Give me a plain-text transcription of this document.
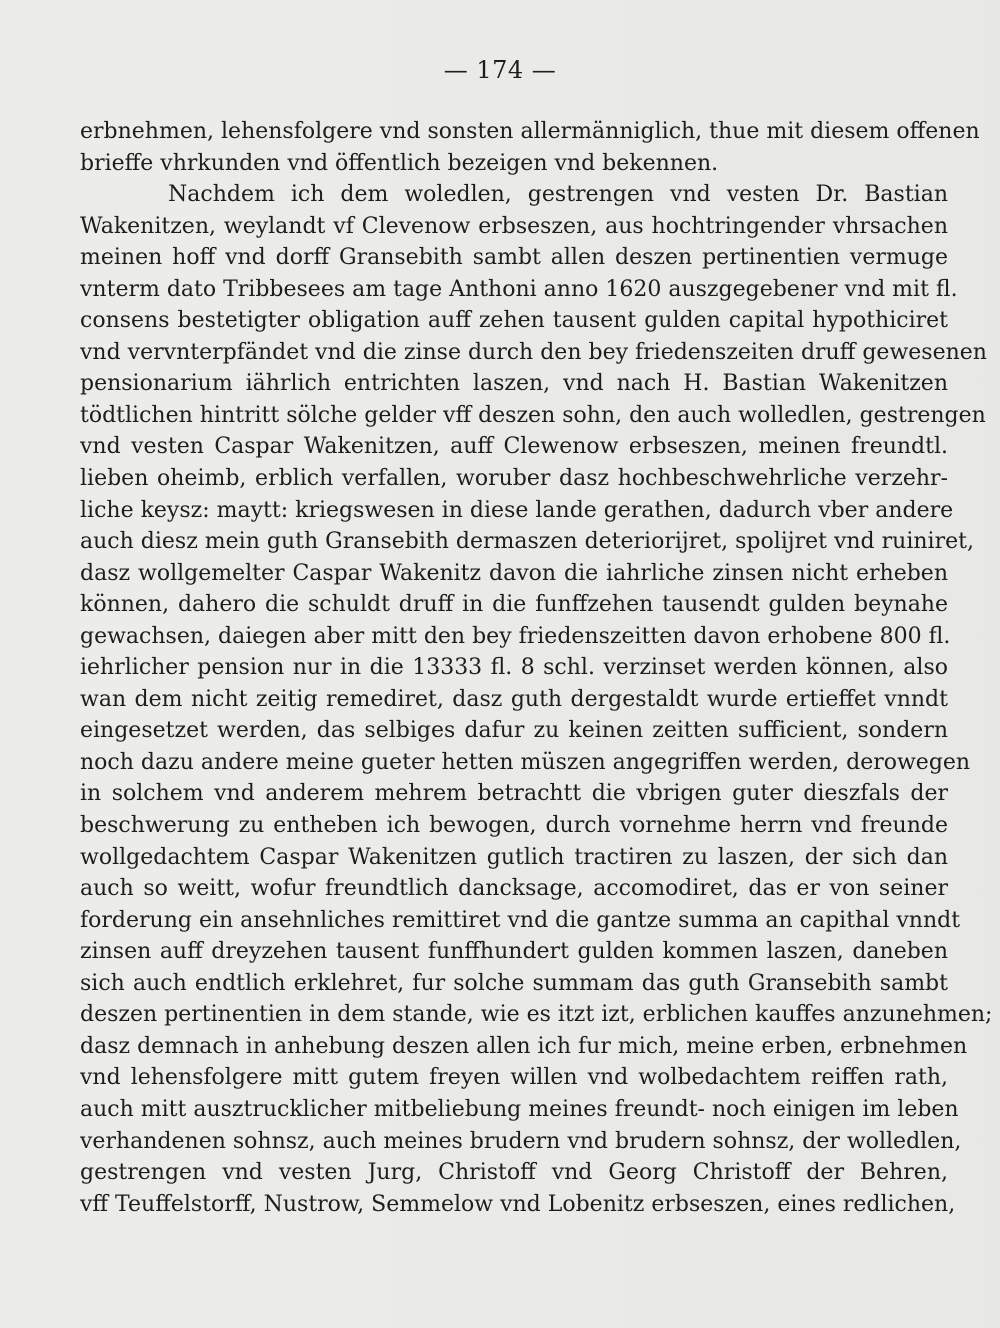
— 174 —
erbnehmen, lehensfolgere vnd sonsten allermänniglich, thue mit diesem offenen
brieffe vhrkunden vnd öffentlich bezeigen vnd bekennen.
Nachdem ich dem woledlen, gestrengen vnd vesten Dr. Bastian
Wakenitzen, weylandt vf Clevenow erbseszen, aus hochtringender vhrsachen
meinen hoff vnd dorff Gransebith sambt allen deszen pertinentien vermuge
vnterm dato Tribbesees am tage Anthoni anno 1620 auszgegebener vnd mit fl.
consens bestetigter obligation auff zehen tausent gulden capital hypothiciret
vnd vervnterpfändet vnd die zinse durch den bey friedenszeiten druff gewesenen
pensionarium iährlich entrichten laszen, vnd nach H. Bastian Wakenitzen
tödtlichen hintritt sölche gelder vff deszen sohn, den auch wolledlen, gestrengen
vnd vesten Caspar Wakenitzen, auff Clewenow erbseszen, meinen freundtl.
lieben oheimb, erblich verfallen, woruber dasz hochbeschwehrliche verzehr-
liche keysz: maytt: kriegswesen in diese lande gerathen, dadurch vber andere
auch diesz mein guth Gransebith dermaszen deteriorijret, spolijret vnd ruiniret,
dasz wollgemelter Caspar Wakenitz davon die iahrliche zinsen nicht erheben
können, dahero die schuldt druff in die funffzehen tausendt gulden beynahe
gewachsen, daiegen aber mitt den bey friedenszeitten davon erhobene 800 fl.
iehrlicher pension nur in die 13333 fl. 8 schl. verzinset werden können, also
wan dem nicht zeitig remediret, dasz guth dergestaldt wurde ertieffet vnndt
eingesetzet werden, das selbiges dafur zu keinen zeitten sufficient, sondern
noch dazu andere meine gueter hetten müszen angegriffen werden, derowegen
in solchem vnd anderem mehrem betrachtt die vbrigen guter dieszfals der
beschwerung zu entheben ich bewogen, durch vornehme herrn vnd freunde
wollgedachtem Caspar Wakenitzen gutlich tractiren zu laszen, der sich dan
auch so weitt, wofur freundtlich dancksage, accomodiret, das er von seiner
forderung ein ansehnliches remittiret vnd die gantze summa an capithal vnndt
zinsen auff dreyzehen tausent funffhundert gulden kommen laszen, daneben
sich auch endtlich erklehret, fur solche summam das guth Gransebith sambt
deszen pertinentien in dem stande, wie es itzt izt, erblichen kauffes anzunehmen;
dasz demnach in anhebung deszen allen ich fur mich, meine erben, erbnehmen
vnd lehensfolgere mitt gutem freyen willen vnd wolbedachtem reiffen rath,
auch mitt ausztrucklicher mitbeliebung meines freundt- noch einigen im leben
verhandenen sohnsz, auch meines brudern vnd brudern sohnsz, der wolledlen,
gestrengen vnd vesten Jurg, Christoff vnd Georg Christoff der Behren,
vff Teuffelstorff, Nustrow, Semmelow vnd Lobenitz erbseszen, eines redlichen,
